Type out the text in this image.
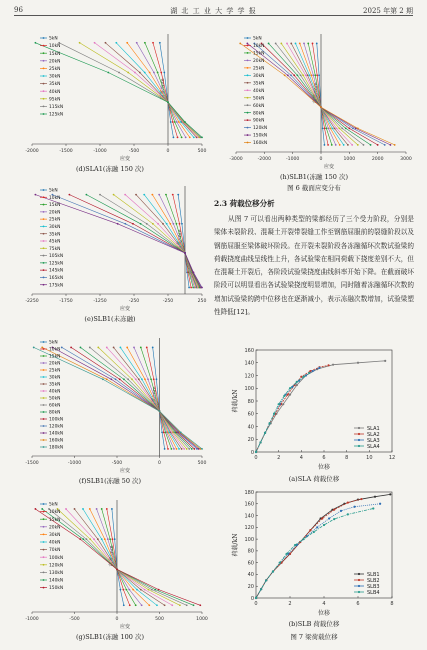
96	湖 北 工 业 大 学 学 报	2025 年第 2 期
-2000	-1500	-1000	-500	0	500
应变
高度/mm
5kN
10kN
15kN
20kN
25kN
30kN
35kN
40kN
95kN
115kN
125kN
(d)SLA1(冻融 150 次)
-2250	-1750	-1250	-250	-250	250
应变
高度/mm
5kN
10kN
15kN
20kN
25kN
30kN
35kN
45kN
75kN
105kN
125kN
145kN
165kN
175kN
(e)SLB1(未冻融)
-1500	-1000	-500	0	500
应变
高度/mm
5kN
10kN
15kN
20kN
25kN
30kN
35kN
40kN
50kN
60kN
80kN
100kN
120kN
140kN
160kN
180kN
(f)SLB1(冻融 50 次)
-1000	-500	0	500	1000
应变
高度/mm
5kN
10kN
15kN
20kN
30kN
40kN
70kN
100kN
120kN
130kN
140kN
150kN
(g)SLB1(冻融 100 次)
-3000	-2000	-1000	0	1000	2000	3000
应变
高度/mm
5kN
10kN
15kN
20kN
25kN
30kN
35kN
40kN
50kN
60kN
80kN
90kN
120kN
150kN
160kN
(h)SLB1(冻融 150 次)
图 6 截面应变分布
2.3 荷载位移分析
从图 7 可以看出两种类型的梁都经历了三个受力阶段，分别是梁体未裂阶段、混凝土开裂带裂缝工作至钢筋屈服前的裂缝阶段以及钢筋屈服至梁体破坏阶段。在开裂未裂阶段各冻融循环次数试验梁的荷载挠度曲线呈线性上升，各试验梁在相同荷载下挠度差别不大，但在混凝土开裂后，各阶段试验梁挠度曲线斜率开始下降。在截面破坏阶段可以明显看出各试验梁挠度明显增加，同时随着冻融循环次数的增加试验梁的跨中位移也在逐渐减小，表示冻融次数增加，试验梁塑性降低[12]。
0
20
40
60
80
100
120
140
160
0	2	4	6	8	10	12
位移
荷载/kN
SLA1
SLA2
SLA3
SLA4
(a)SLA 荷载位移
0
20
40
60
80
100
120
140
160
180
0	2	4	6	8
位移
荷载/kN
SLB1
SLB2
SLB3
SLB4
(b)SLB 荷载位移
图 7 梁荷载位移
